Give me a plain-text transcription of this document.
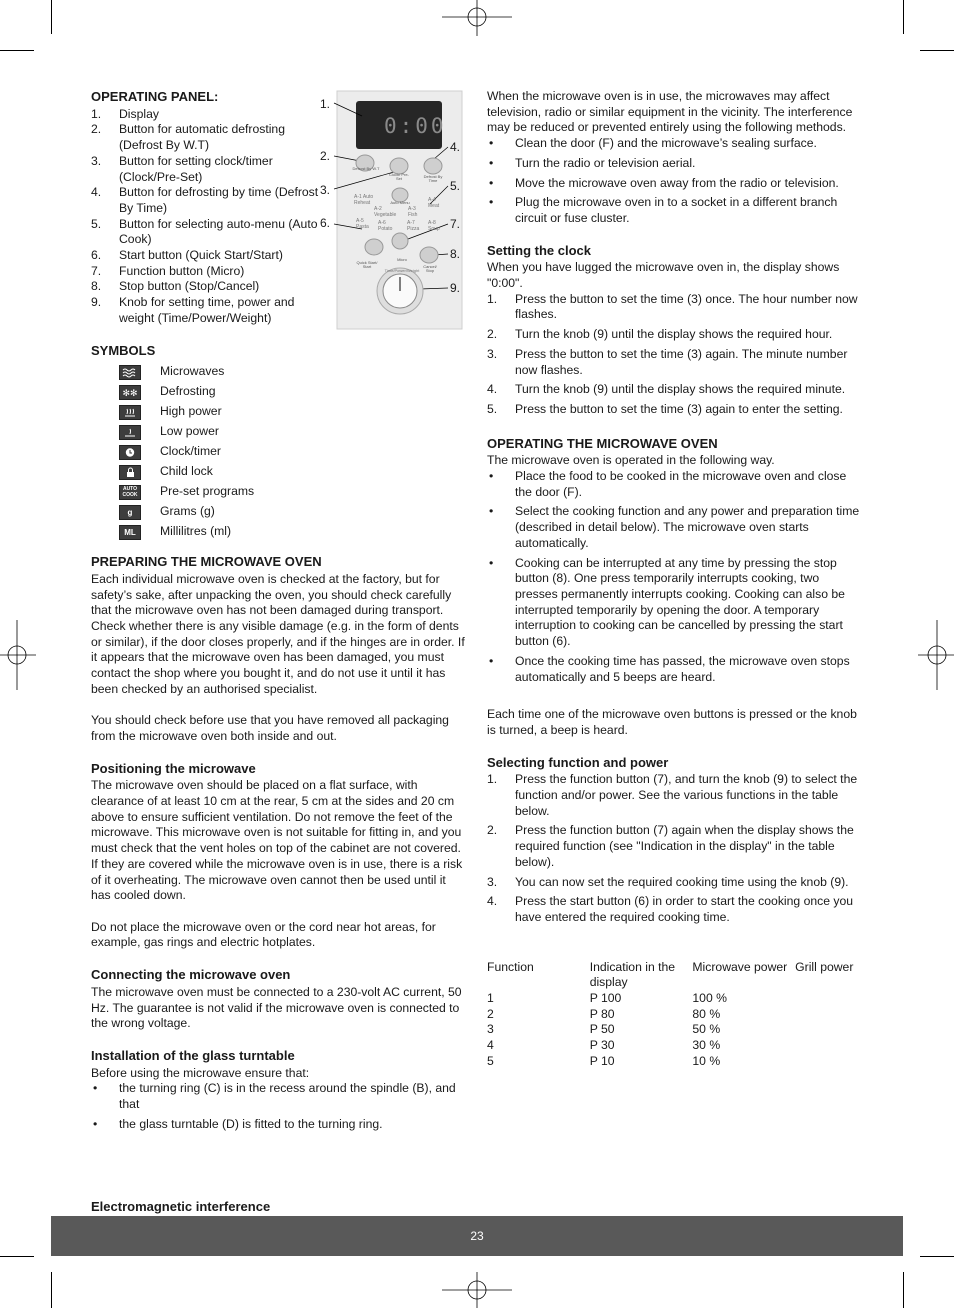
OPERATING PANEL:

1. Display
2. Button for automatic defrosting (Defrost By W.T)
3. Button for setting clock/timer (Clock/Pre-Set)
4. Button for defrosting by time (Defrost By Time)
5. Button for selecting auto-menu (Auto Cook)
6. Start button (Quick Start/Start)
7. Function button (Micro)
8. Stop button (Stop/Cancel)
9. Knob for setting time, power and weight (Time/Power/Weight)

SYMBOLS

Microwaves
✻✻ Defrosting
High power
Low power
Clock/timer
Child lock
AUTO COOK Pre-set programs
g	Grams (g)
ML	Millilitres (ml)

PREPARING THE MICROWAVE OVEN

Each individual microwave oven is checked at the factory, but for safety’s sake, after unpacking the oven, you should check carefully that the microwave oven has not been damaged during transport. Check whether there is any visible damage (e.g. in the form of dents or similar), if the door closes properly, and if the hinges are in order. If it appears that the microwave oven has been damaged, you must contact the shop where you bought it, and do not use it until it has been checked by an authorised specialist.

You should check before use that you have removed all packaging from the microwave oven both inside and out.

Positioning the microwave

The microwave oven should be placed on a flat surface, with clearance of at least 10 cm at the rear, 5 cm at the sides and 20 cm above to ensure sufficient ventilation. Do not remove the feet of the microwave. This microwave oven is not suitable for fitting in, and you must check that the vent holes on top of the cabinet are not covered. If they are covered while the microwave oven is in use, there is a risk of it overheating. The microwave oven cannot then be used until it has cooled down.

Do not place the microwave oven or the cord near hot areas, for example, gas rings and electric hotplates.

Connecting the microwave oven

The microwave oven must be connected to a 230-volt AC current, 50 Hz. The guarantee is not valid if the microwave oven is connected to the wrong voltage.

Installation of the glass turntable

Before using the microwave ensure that:

• the turning ring (C) is in the recess around the spindle (B), and that
• the glass turntable (D) is fitted to the turning ring.

Electromagnetic interference

0:00
Defrost By W.T
Clock/ Pre-Set	Defrost By Time
Auto Menu
A-1 Auto Reheat
A-2 Vegetable
A-3 Fish
A-4 Meat
A-5 Pasta
A-6 Potato
A-7 Pizza
A-8 Soup
Quick Start/ Start
Micro
Cancel/ Stop
Time/Power/Weight
1.
2.
3.
4.
5.
6.	7.
8.
9.

When the microwave oven is in use, the microwaves may affect television, radio or similar equipment in the vicinity. The interference may be reduced or prevented entirely using the following methods.

• Clean the door (F) and the microwave’s sealing surface.
• Turn the radio or television aerial.
• Move the microwave oven away from the radio or television.
• Plug the microwave oven in to a socket in a different branch circuit or fuse cluster.

Setting the clock

When you have lugged the microwave oven in, the display shows "0:00".

1. Press the button to set the time (3) once. The hour number now flashes.
2. Turn the knob (9) until the display shows the required hour.
3. Press the button to set the time (3) again. The minute number now flashes.
4. Turn the knob (9) until the display shows the required minute.
5. Press the button to set the time (3) again to enter the setting.

OPERATING THE MICROWAVE OVEN

The microwave oven is operated in the following way.

• Place the food to be cooked in the microwave oven and close the door (F).
• Select the cooking function and any power and preparation time (described in detail below). The microwave oven starts automatically.
• Cooking can be interrupted at any time by pressing the stop button (8). One press temporarily interrupts cooking, two presses permanently interrupts cooking. Cooking can also be interrupted temporarily by opening the door. A temporary interruption to cooking can be cancelled by pressing the start button (6).
• Once the cooking time has passed, the microwave oven stops automatically and 5 beeps are heard.

Each time one of the microwave oven buttons is pressed or the knob is turned, a beep is heard.

Selecting function and power

1. Press the function button (7), and turn the knob (9) to select the function and/or power. See the various functions in the table below.
2. Press the function button (7) again when the display shows the required function (see "Indication in the display" in the table below).
3. You can now set the required cooking time using the knob (9).
4. Press the start button (6) in order to start the cooking once you have entered the required cooking time.
Function	Indication in the display	Microwave power	Grill power
1	P 100	100 %	
2	P 80	80 %	
3	P 50	50 %	
4	P 30	30 %	
5	P 10	10 %	
23
